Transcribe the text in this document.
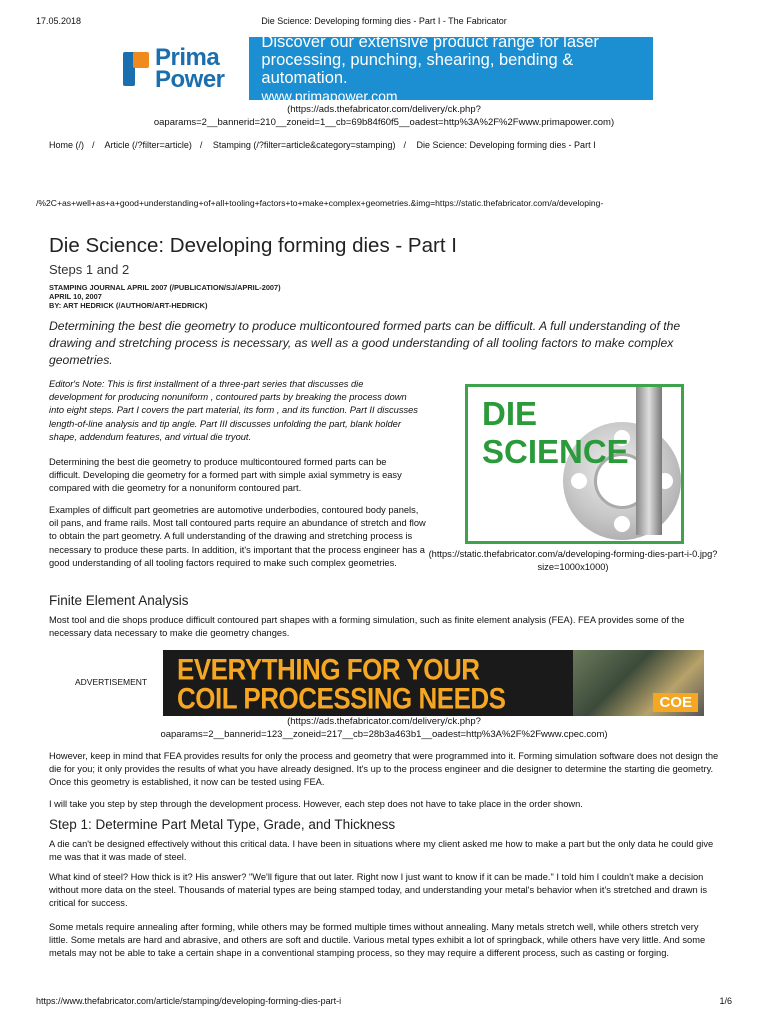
17.05.2018	Die Science: Developing forming dies - Part I - The Fabricator
Prima
Power
Discover our extensive product range for laser
processing, punching, shearing, bending & automation.
www.primapower.com
(https://ads.thefabricator.com/delivery/ck.php?
oaparams=2__bannerid=210__zoneid=1__cb=69b84f60f5__oadest=http%3A%2F%2Fwww.primapower.com)
Home (/) / Article (/?filter=article) / Stamping (/?filter=article&category=stamping) / Die Science: Developing forming dies - Part I
/%2C+as+well+as+a+good+understanding+of+all+tooling+factors+to+make+complex+geometries.&img=https://static.thefabricator.com/a/developing-
Die Science: Developing forming dies - Part I
Steps 1 and 2
STAMPING JOURNAL APRIL 2007 (/PUBLICATION/SJ/APRIL-2007)
APRIL 10, 2007
BY: ART HEDRICK (/AUTHOR/ART-HEDRICK)
Determining the best die geometry to produce multicontoured formed parts can be difficult. A full understanding of the drawing and stretching process is necessary, as well as a good understanding of all tooling factors to make complex geometries.
Editor's Note: This is first installment of a three-part series that discusses die development for producing nonuniform , contoured parts by breaking the process down into eight steps. Part I covers the part material, its form , and its function. Part II discusses length-of-line analysis and tip angle. Part III discusses unfolding the part, blank holder shape, addendum features, and virtual die tryout.
Determining the best die geometry to produce multicontoured formed parts can be difficult. Developing die geometry for a formed part with simple axial symmetry is easy compared with die geometry for a nonuniform contoured part.
Examples of difficult part geometries are automotive underbodies, contoured body panels, oil pans, and frame rails. Most tall contoured parts require an abundance of stretch and flow to obtain the part geometry. A full understanding of the drawing and stretching process is necessary to produce these parts. In addition, it's important that the process engineer has a good understanding of all tooling factors required to make such complex geometries.
DIE
SCIENCE
(https://static.thefabricator.com/a/developing-forming-dies-part-i-0.jpg?size=1000x1000)
Finite Element Analysis
Most tool and die shops produce difficult contoured part shapes with a forming simulation, such as finite element analysis (FEA). FEA provides some of the necessary data necessary to make die geometry changes.
ADVERTISEMENT EVERYTHING FOR YOUR
COIL PROCESSING NEEDS	COE
(https://ads.thefabricator.com/delivery/ck.php?
oaparams=2__bannerid=123__zoneid=217__cb=28b3a463b1__oadest=http%3A%2F%2Fwww.cpec.com)
However, keep in mind that FEA provides results for only the process and geometry that were programmed into it. Forming simulation software does not design the die for you; it only provides the results of what you have already designed. It's up to the process engineer and die designer to determine the starting die geometry. Once this geometry is established, it now can be tested using FEA.
I will take you step by step through the development process. However, each step does not have to take place in the order shown.
Step 1: Determine Part Metal Type, Grade, and Thickness
A die can't be designed effectively without this critical data. I have been in situations where my client asked me how to make a part but the only data he could give me was that it was made of steel.
What kind of steel? How thick is it? His answer? "We'll figure that out later. Right now I just want to know if it can be made." I told him I couldn't make a decision without more data on the steel. Thousands of material types are being stamped today, and understanding your metal's behavior when it's stretched and drawn is critical for success.
Some metals require annealing after forming, while others may be formed multiple times without annealing. Many metals stretch well, while others stretch very little. Some metals are hard and abrasive, and others are soft and ductile. Various metal types exhibit a lot of springback, while others have very little. And some metals may not be able to take a certain shape in a conventional stamping process, so they may require a different process, such as casting or forging.
https://www.thefabricator.com/article/stamping/developing-forming-dies-part-i	1/6
